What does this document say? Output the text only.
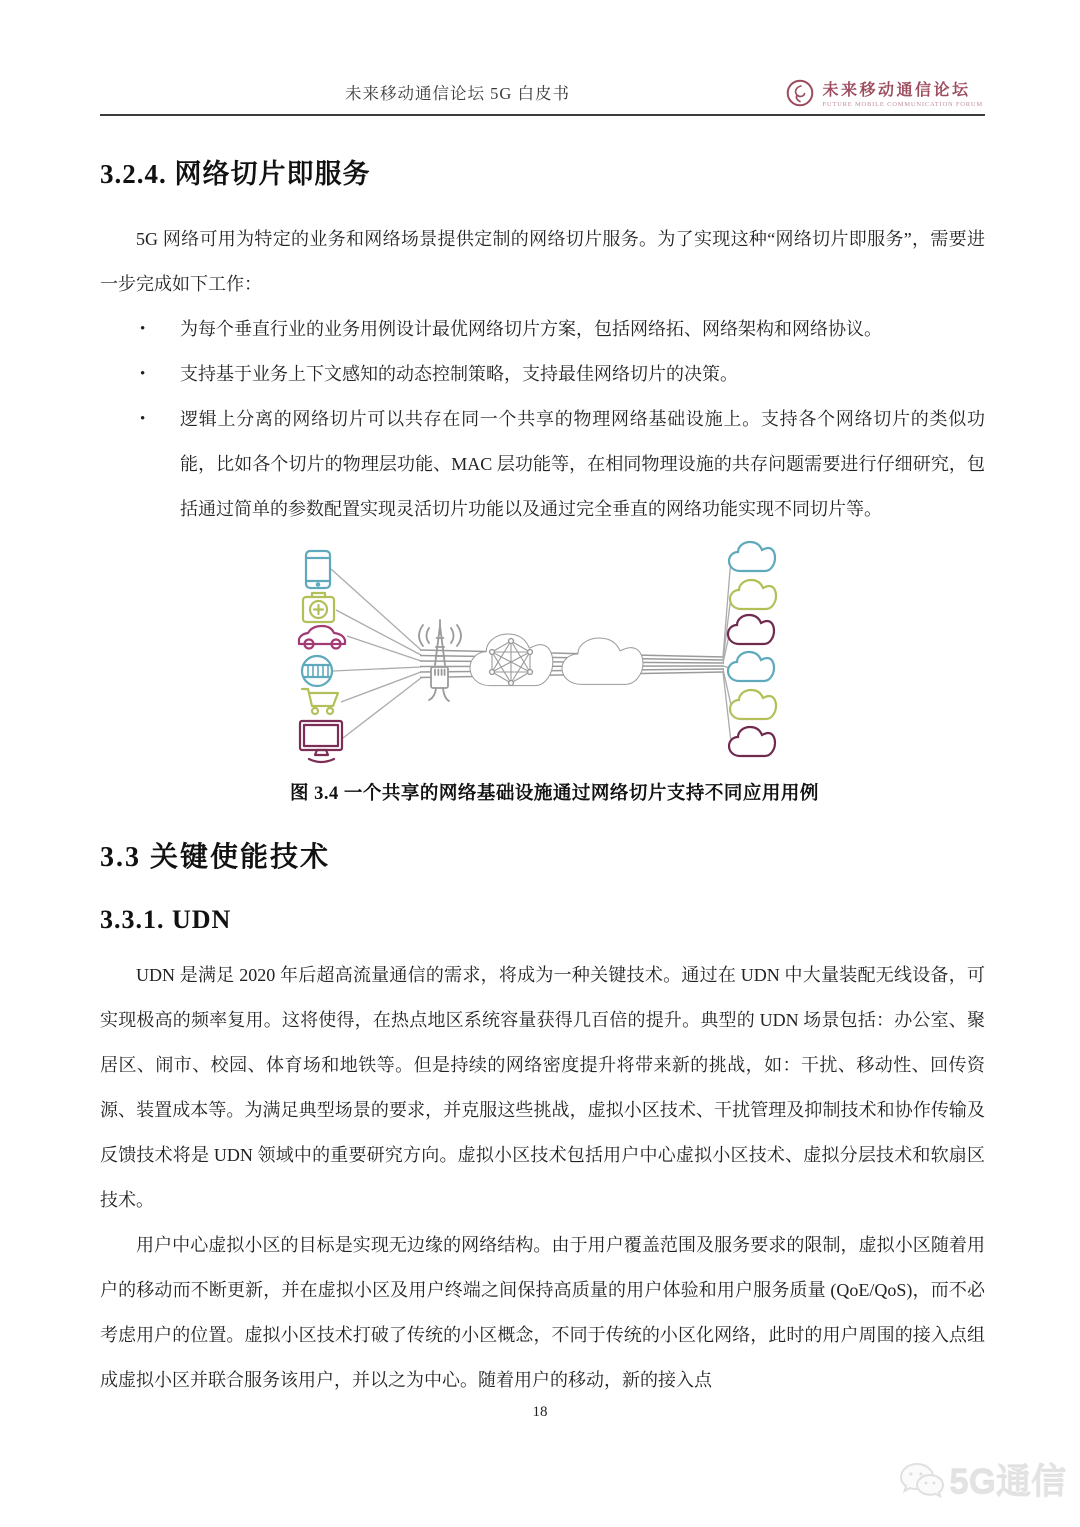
未来移动通信论坛 5G 白皮书	未来移动通信论坛
FUTURE MOBILE COMMUNICATION FORUM
3.2.4. 网络切片即服务

5G 网络可用为特定的业务和网络场景提供定制的网络切片服务。为了实现这种“网络切片即服务”，需要进一步完成如下工作：

• 为每个垂直行业的业务用例设计最优网络切片方案，包括网络拓、网络架构和网络协议。
• 支持基于业务上下文感知的动态控制策略，支持最佳网络切片的决策。
• 逻辑上分离的网络切片可以共存在同一个共享的物理网络基础设施上。支持各个网络切片的类似功能，比如各个切片的物理层功能、MAC 层功能等，在相同物理设施的共存问题需要进行仔细研究，包括通过简单的参数配置实现灵活切片功能以及通过完全垂直的网络功能实现不同切片等。
图 3.4 一个共享的网络基础设施通过网络切片支持不同应用用例
3.3 关键使能技术
3.3.1. UDN

UDN 是满足 2020 年后超高流量通信的需求，将成为一种关键技术。通过在 UDN 中大量装配无线设备，可实现极高的频率复用。这将使得，在热点地区系统容量获得几百倍的提升。典型的 UDN 场景包括：办公室、聚居区、闹市、校园、体育场和地铁等。但是持续的网络密度提升将带来新的挑战，如：干扰、移动性、回传资源、装置成本等。为满足典型场景的要求，并克服这些挑战，虚拟小区技术、干扰管理及抑制技术和协作传输及反馈技术将是 UDN 领域中的重要研究方向。虚拟小区技术包括用户中心虚拟小区技术、虚拟分层技术和软扇区技术。

用户中心虚拟小区的目标是实现无边缘的网络结构。由于用户覆盖范围及服务要求的限制，虚拟小区随着用户的移动而不断更新，并在虚拟小区及用户终端之间保持高质量的用户体验和用户服务质量 (QoE/QoS)，而不必考虑用户的位置。虚拟小区技术打破了传统的小区概念，不同于传统的小区化网络，此时的用户周围的接入点组成虚拟小区并联合服务该用户，并以之为中心。随着用户的移动，新的接入点

18
5G通信
